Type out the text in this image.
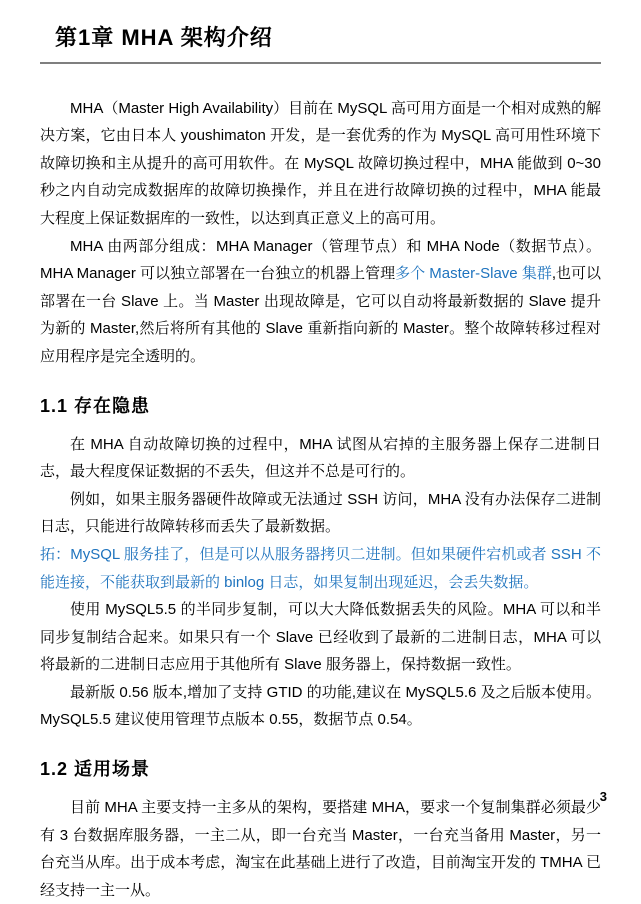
第1章 MHA 架构介绍

MHA（Master High Availability）目前在 MySQL 高可用方面是一个相对成熟的解决方案，它由日本人 youshimaton 开发，是一套优秀的作为 MySQL 高可用性环境下故障切换和主从提升的高可用软件。在 MySQL 故障切换过程中，MHA 能做到 0~30 秒之内自动完成数据库的故障切换操作，并且在进行故障切换的过程中，MHA 能最大程度上保证数据库的一致性，以达到真正意义上的高可用。

MHA 由两部分组成：MHA Manager（管理节点）和 MHA Node（数据节点）。MHA Manager 可以独立部署在一台独立的机器上管理多个 Master-Slave 集群,也可以部署在一台 Slave 上。当 Master 出现故障是，它可以自动将最新数据的 Slave 提升为新的 Master,然后将所有其他的 Slave 重新指向新的 Master。整个故障转移过程对应用程序是完全透明的。

1.1 存在隐患

在 MHA 自动故障切换的过程中，MHA 试图从宕掉的主服务器上保存二进制日志，最大程度保证数据的不丢失，但这并不总是可行的。

例如，如果主服务器硬件故障或无法通过 SSH 访问，MHA 没有办法保存二进制日志，只能进行故障转移而丢失了最新数据。

拓：MySQL 服务挂了，但是可以从服务器拷贝二进制。但如果硬件宕机或者 SSH 不能连接，不能获取到最新的 binlog 日志，如果复制出现延迟，会丢失数据。

使用 MySQL5.5 的半同步复制，可以大大降低数据丢失的风险。MHA 可以和半同步复制结合起来。如果只有一个 Slave 已经收到了最新的二进制日志，MHA 可以将最新的二进制日志应用于其他所有 Slave 服务器上，保持数据一致性。

最新版 0.56 版本,增加了支持 GTID 的功能,建议在 MySQL5.6 及之后版本使用。MySQL5.5 建议使用管理节点版本 0.55，数据节点 0.54。

1.2 适用场景

目前 MHA 主要支持一主多从的架构，要搭建 MHA，要求一个复制集群必须最少有 3 台数据库服务器，一主二从，即一台充当 Master，一台充当备用 Master，另一台充当从库。出于成本考虑，淘宝在此基础上进行了改造，目前淘宝开发的 TMHA 已经支持一主一从。

3
